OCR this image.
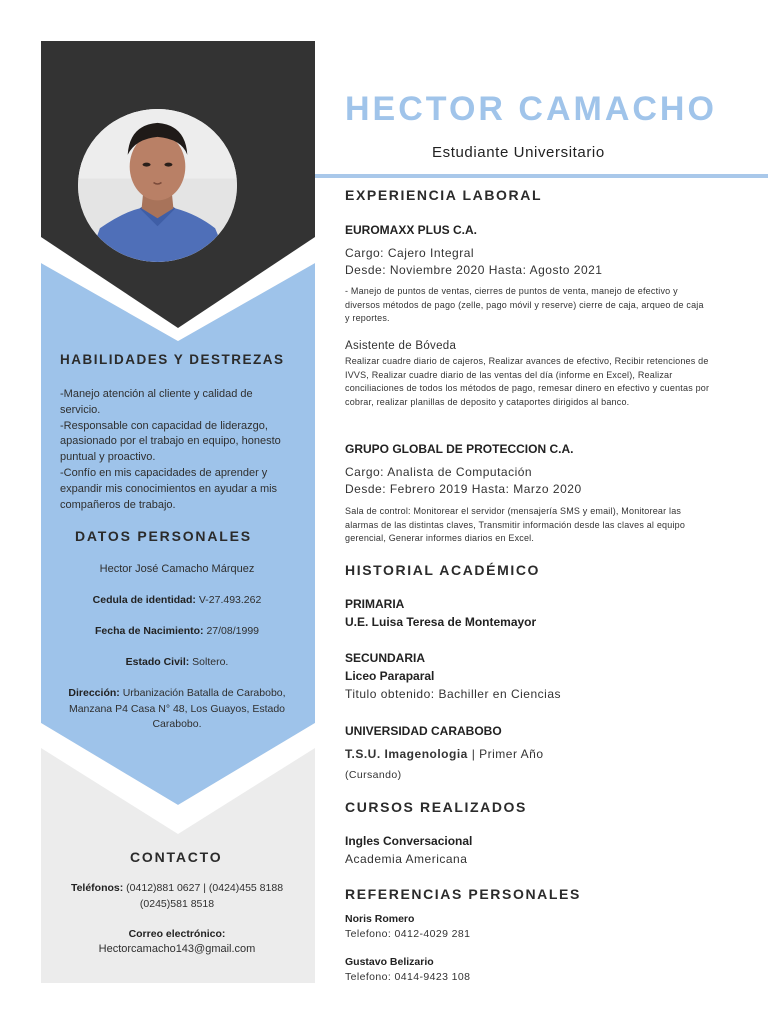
HABILIDADES Y DESTREZAS
-Manejo atención al cliente y calidad de servicio.
-Responsable con capacidad de liderazgo, apasionado por el trabajo en equipo, honesto puntual y proactivo.
-Confío en mis capacidades de aprender y expandir mis conocimientos en ayudar a mis compañeros de trabajo.
DATOS PERSONALES
Hector José Camacho Márquez
Cedula de identidad: V-27.493.262
Fecha de Nacimiento: 27/08/1999
Estado Civil: Soltero.
Dirección: Urbanización Batalla de Carabobo, Manzana P4 Casa N° 48, Los Guayos, Estado Carabobo.
CONTACTO
Teléfonos: (0412)881 0627 | (0424)455 8188 (0245)581 8518
Correo electrónico:
Hectorcamacho143@gmail.com
HECTOR CAMACHO
Estudiante Universitario
EXPERIENCIA LABORAL
EUROMAXX PLUS C.A.
Cargo: Cajero Integral
Desde: Noviembre 2020 Hasta: Agosto 2021
- Manejo de puntos de ventas, cierres de puntos de venta, manejo de efectivo y diversos métodos de pago (zelle, pago móvil y reserve) cierre de caja, arqueo de caja y reportes.
Asistente de Bóveda
Realizar cuadre diario de cajeros, Realizar avances de efectivo, Recibir retenciones de IVVS, Realizar cuadre diario de las ventas del día (informe en Excel), Realizar conciliaciones de todos los métodos de pago, remesar dinero en efectivo y cuentas por cobrar, realizar planillas de deposito y cataportes dirigidos al banco.
GRUPO GLOBAL DE PROTECCION C.A.
Cargo: Analista de Computación
Desde: Febrero 2019 Hasta: Marzo 2020
Sala de control: Monitorear el servidor (mensajería SMS y email), Monitorear las alarmas de las distintas claves, Transmitir información desde las claves al equipo gerencial, Generar informes diarios en Excel.
HISTORIAL ACADÉMICO
PRIMARIA
U.E. Luisa Teresa de Montemayor
SECUNDARIA
Liceo Paraparal
Titulo obtenido: Bachiller en Ciencias
UNIVERSIDAD CARABOBO
T.S.U. Imagenologia | Primer Año
(Cursando)
CURSOS REALIZADOS
Ingles Conversacional
Academia Americana
REFERENCIAS PERSONALES
Noris Romero
Telefono: 0412-4029 281
Gustavo Belizario
Telefono: 0414-9423 108
